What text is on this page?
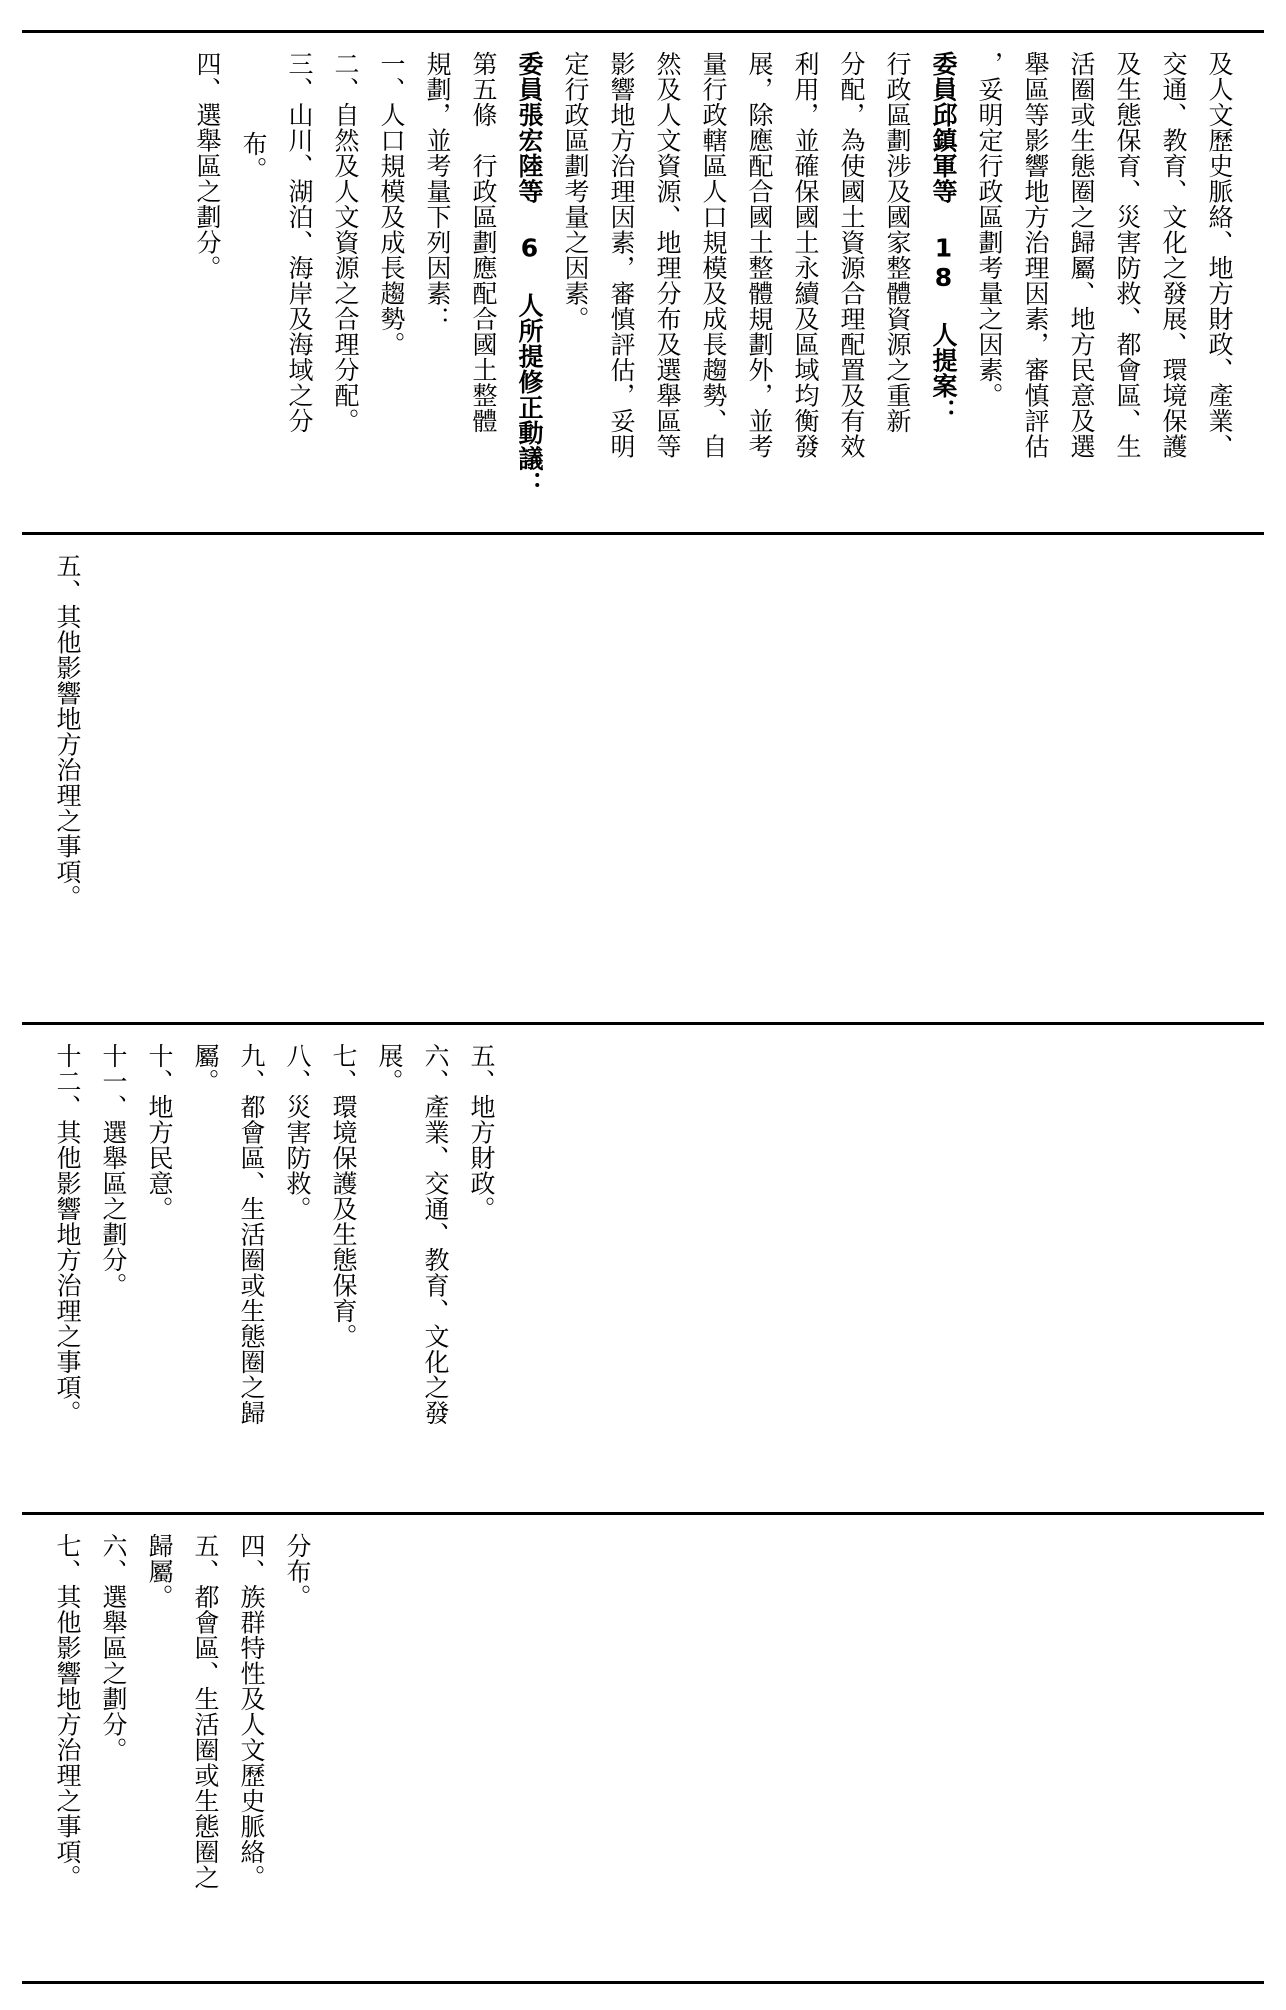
及人文歷史脈絡、地方財政、產業、

交通、教育、文化之發展、環境保護

及生態保育、災害防救、都會區、生

活圈或生態圈之歸屬、地方民意及選

舉區等影響地方治理因素，審慎評估

，妥明定行政區劃考量之因素。

委員邱鎮軍等 18 人提案：

行政區劃涉及國家整體資源之重新

分配，為使國土資源合理配置及有效

利用，並確保國土永續及區域均衡發

展，除應配合國土整體規劃外，並考

量行政轄區人口規模及成長趨勢、自

然及人文資源、地理分布及選舉區等

影響地方治理因素，審慎評估，妥明

定行政區劃考量之因素。

委員張宏陸等 6 人所提修正動議：

第五條　行政區劃應配合國土整體

規劃，並考量下列因素：

一、人口規模及成長趨勢。

二、自然及人文資源之合理分配。

三、山川、湖泊、海岸及海域之分

布。

四、選舉區之劃分。

五、其他影響地方治理之事項。

五、地方財政。

六、產業、交通、教育、文化之發

展。

七、環境保護及生態保育。

八、災害防救。

九、都會區、生活圈或生態圈之歸

屬。

十、地方民意。

十一、選舉區之劃分。

十二、其他影響地方治理之事項。

分布。

四、族群特性及人文歷史脈絡。

五、都會區、生活圈或生態圈之

歸屬。

六、選舉區之劃分。

七、其他影響地方治理之事項。
